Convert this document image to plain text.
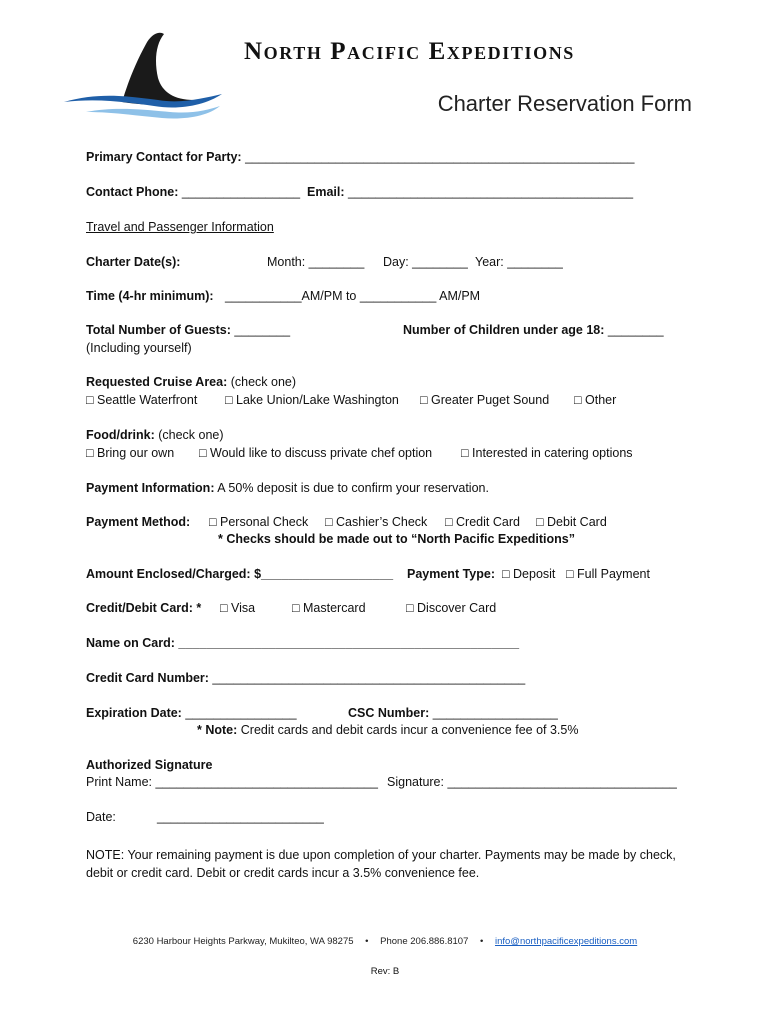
North Pacific Expeditions
Charter Reservation Form
Primary Contact for Party: ________________________________________________________
Contact Phone: _________________ Email: _________________________________________
Travel and Passenger Information
Charter Date(s):	Month: ________ Day: ________ Year: ________
Time (4-hr minimum): ___________AM/PM to ___________ AM/PM
Total Number of Guests: ________
(Including yourself)
Number of Children under age 18: ________
Requested Cruise Area: (check one)
□ Seattle Waterfront □ Lake Union/Lake Washington □ Greater Puget Sound □ Other
Food/drink: (check one)
□ Bring our own □ Would like to discuss private chef option □ Interested in catering options
Payment Information: A 50% deposit is due to confirm your reservation.
Payment Method: □ Personal Check □ Cashier’s Check □ Credit Card □ Debit Card
* Checks should be made out to “North Pacific Expeditions”
Amount Enclosed/Charged: $___________________ Payment Type: □ Deposit □ Full Payment
Credit/Debit Card: * □ Visa	□ Mastercard	□ Discover Card
Name on Card: _________________________________________________
Credit Card Number: _____________________________________________
Expiration Date: ________________	CSC Number: __________________
* Note: Credit cards and debit cards incur a convenience fee of 3.5%
Authorized Signature
Print Name: ________________________________ Signature: _________________________________
Date:	________________________
NOTE: Your remaining payment is due upon completion of your charter. Payments may be made by check, debit or credit card. Debit or credit cards incur a 3.5% convenience fee.
6230 Harbour Heights Parkway, Mukilteo, WA 98275 • Phone 206.886.8107 • info@northpacificexpeditions.com
Rev: B
